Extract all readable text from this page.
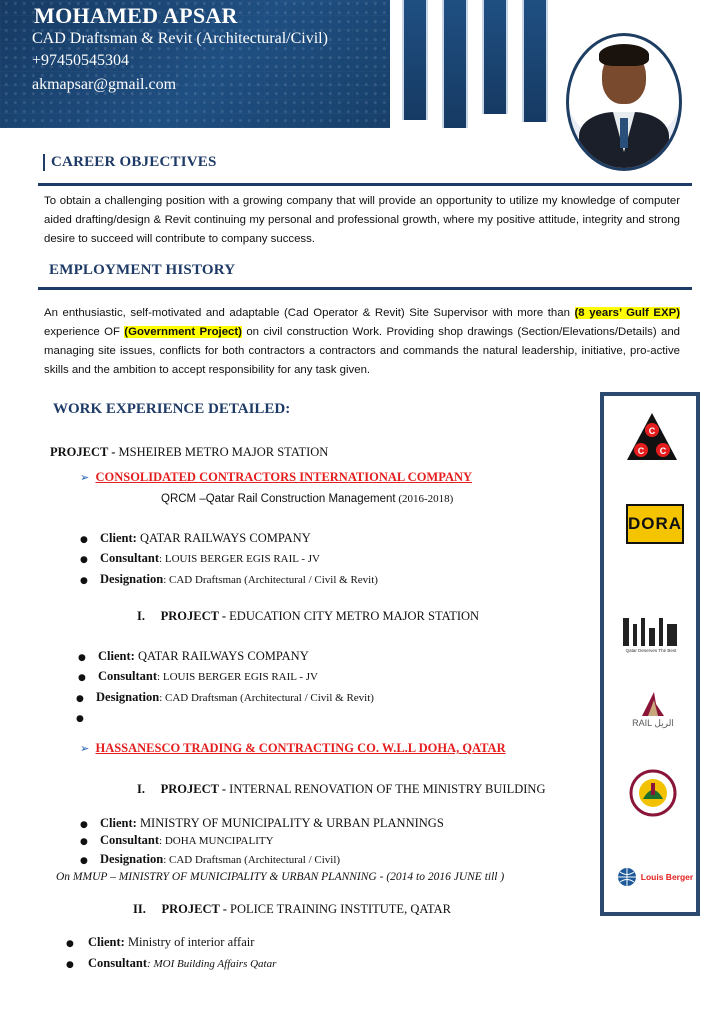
MOHAMED APSAR
CAD Draftsman & Revit (Architectural/Civil)
+97450545304
akmapsar@gmail.com
CAREER OBJECTIVES
To obtain a challenging position with a growing company that will provide an opportunity to utilize my knowledge of computer aided drafting/design & Revit continuing my personal and professional growth, where my positive attitude, integrity and strong desire to succeed will contribute to company success.
EMPLOYMENT HISTORY
An enthusiastic, self-motivated and adaptable (Cad Operator & Revit) Site Supervisor with more than (8 years’ Gulf EXP) experience OF (Government Project) on civil construction Work. Providing shop drawings (Section/Elevations/Details) and managing site issues, conflicts for both contractors a contractors and commands the natural leadership, initiative, pro-active skills and the ambition to accept responsibility for any task given.
WORK EXPERIENCE DETAILED:
PROJECT - MSHEIREB METRO MAJOR STATION
➢ CONSOLIDATED CONTRACTORS INTERNATIONAL COMPANY
QRCM –Qatar Rail Construction Management (2016-2018)
● Client: QATAR RAILWAYS COMPANY
● Consultant: LOUIS BERGER EGIS RAIL - JV
● Designation: CAD Draftsman (Architectural / Civil & Revit)
I. PROJECT - EDUCATION CITY METRO MAJOR STATION
● Client: QATAR RAILWAYS COMPANY
● Consultant: LOUIS BERGER EGIS RAIL - JV
● Designation: CAD Draftsman (Architectural / Civil & Revit)
●
➢ HASSANESCO TRADING & CONTRACTING CO. W.L.L DOHA, QATAR
I. PROJECT - INTERNAL RENOVATION OF THE MINISTRY BUILDING
● Client: MINISTRY OF MUNICIPALITY & URBAN PLANNINGS
● Consultant: DOHA MUNCIPALITY
● Designation: CAD Draftsman (Architectural / Civil)
On MMUP – MINISTRY OF MUNICIPALITY & URBAN PLANNING - (2014 to 2016 JUNE till )
II. PROJECT - POLICE TRAINING INSTITUTE, QATAR
● Client: Ministry of interior affair
● Consultant: MOI Building Affairs Qatar
C
C C
DORA
Qatar Deserves The Best
RAIL الريل
Louis Berger
